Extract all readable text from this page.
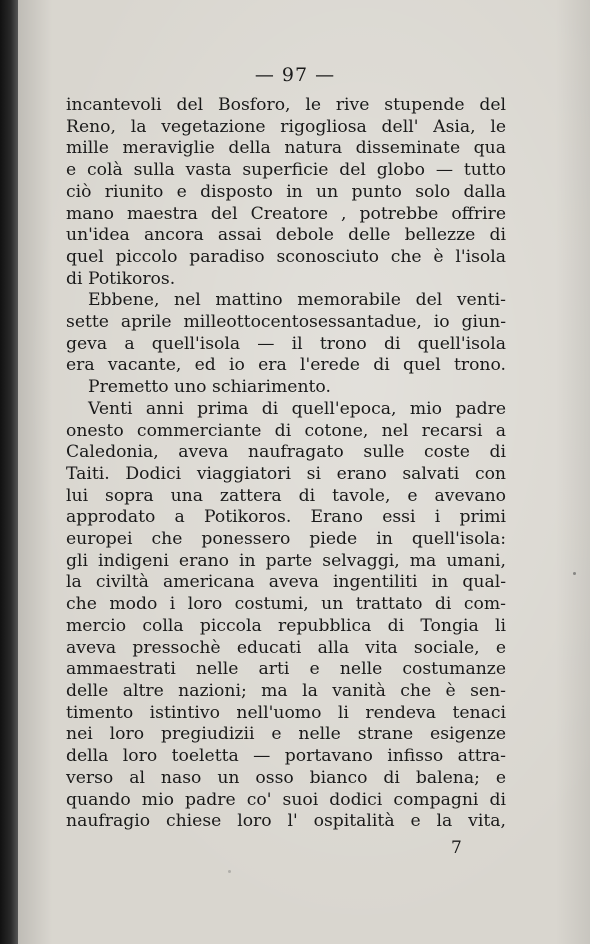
— 97 —
incantevoli del Bosforo, le rive stupende del
Reno, la vegetazione rigogliosa dell' Asia, le
mille meraviglie della natura disseminate qua
e colà sulla vasta superficie del globo — tutto
ciò riunito e disposto in un punto solo dalla
mano maestra del Creatore , potrebbe offrire
un'idea ancora assai debole delle bellezze di
quel piccolo paradiso sconosciuto che è l'isola
di Potikoros.
Ebbene, nel mattino memorabile del venti-
sette aprile milleottocentosessantadue, io giun-
geva a quell'isola — il trono di quell'isola
era vacante, ed io era l'erede di quel trono.
Premetto uno schiarimento.
Venti anni prima di quell'epoca, mio padre
onesto commerciante di cotone, nel recarsi a
Caledonia, aveva naufragato sulle coste di
Taiti. Dodici viaggiatori si erano salvati con
lui sopra una zattera di tavole, e avevano
approdato a Potikoros. Erano essi i primi
europei che ponessero piede in quell'isola:
gli indigeni erano in parte selvaggi, ma umani,
la civiltà americana aveva ingentiliti in qual-
che modo i loro costumi, un trattato di com-
mercio colla piccola repubblica di Tongia li
aveva pressochè educati alla vita sociale, e
ammaestrati nelle arti e nelle costumanze
delle altre nazioni; ma la vanità che è sen-
timento istintivo nell'uomo li rendeva tenaci
nei loro pregiudizii e nelle strane esigenze
della loro toeletta — portavano infisso attra-
verso al naso un osso bianco di balena; e
quando mio padre co' suoi dodici compagni di
naufragio chiese loro l' ospitalità e la vita,
7
